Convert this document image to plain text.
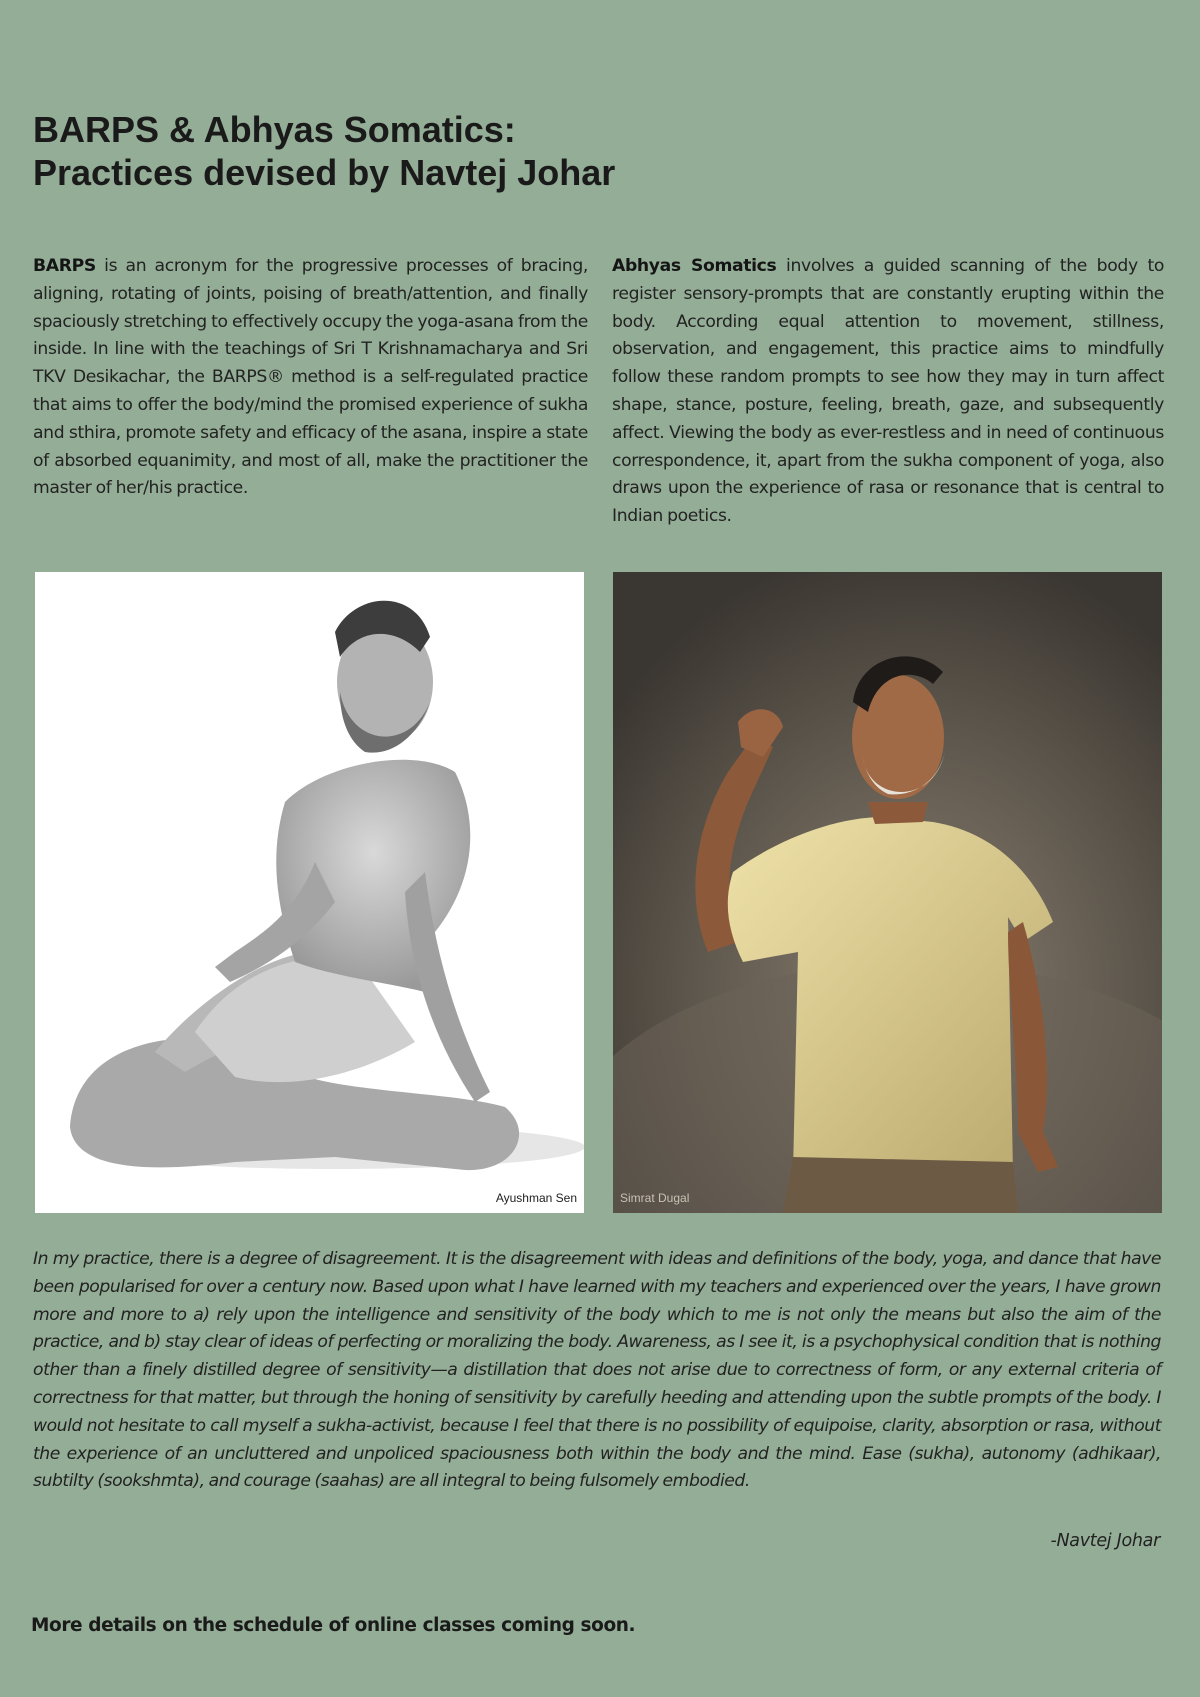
BARPS & Abhyas Somatics:
Practices devised by Navtej Johar

BARPS is an acronym for the progressive processes of bracing, aligning, rotating of joints, poising of breath/attention, and finally spaciously stretching to effectively occupy the yoga-asana from the inside. In line with the teachings of Sri T Krishnamacharya and Sri TKV Desikachar, the BARPS® method is a self-regulated practice that aims to offer the body/mind the promised experience of sukha and sthira, promote safety and efficacy of the asana, inspire a state of absorbed equanimity, and most of all, make the practitioner the master of her/his practice.

Abhyas Somatics involves a guided scanning of the body to register sensory-prompts that are constantly erupting within the body. According equal attention to movement, stillness, observation, and engagement, this practice aims to mindfully follow these random prompts to see how they may in turn affect shape, stance, posture, feeling, breath, gaze, and subsequently affect. Viewing the body as ever-restless and in need of continuous correspondence, it, apart from the sukha component of yoga, also draws upon the experience of rasa or resonance that is central to Indian poetics.

Ayushman Sen	Simrat Dugal

In my practice, there is a degree of disagreement. It is the disagreement with ideas and definitions of the body, yoga, and dance that have been popularised for over a century now. Based upon what I have learned with my teachers and experienced over the years, I have grown more and more to a) rely upon the intelligence and sensitivity of the body which to me is not only the means but also the aim of the practice, and b) stay clear of ideas of perfecting or moralizing the body. Awareness, as I see it, is a psychophysical condition that is nothing other than a finely distilled degree of sensitivity—a distillation that does not arise due to correctness of form, or any external criteria of correctness for that matter, but through the honing of sensitivity by carefully heeding and attending upon the subtle prompts of the body. I would not hesitate to call myself a sukha-activist, because I feel that there is no possibility of equipoise, clarity, absorption or rasa, without the experience of an uncluttered and unpoliced spaciousness both within the body and the mind. Ease (sukha), autonomy (adhikaar), subtilty (sookshmta), and courage (saahas) are all integral to being fulsomely embodied.

-Navtej Johar
More details on the schedule of online classes coming soon.
